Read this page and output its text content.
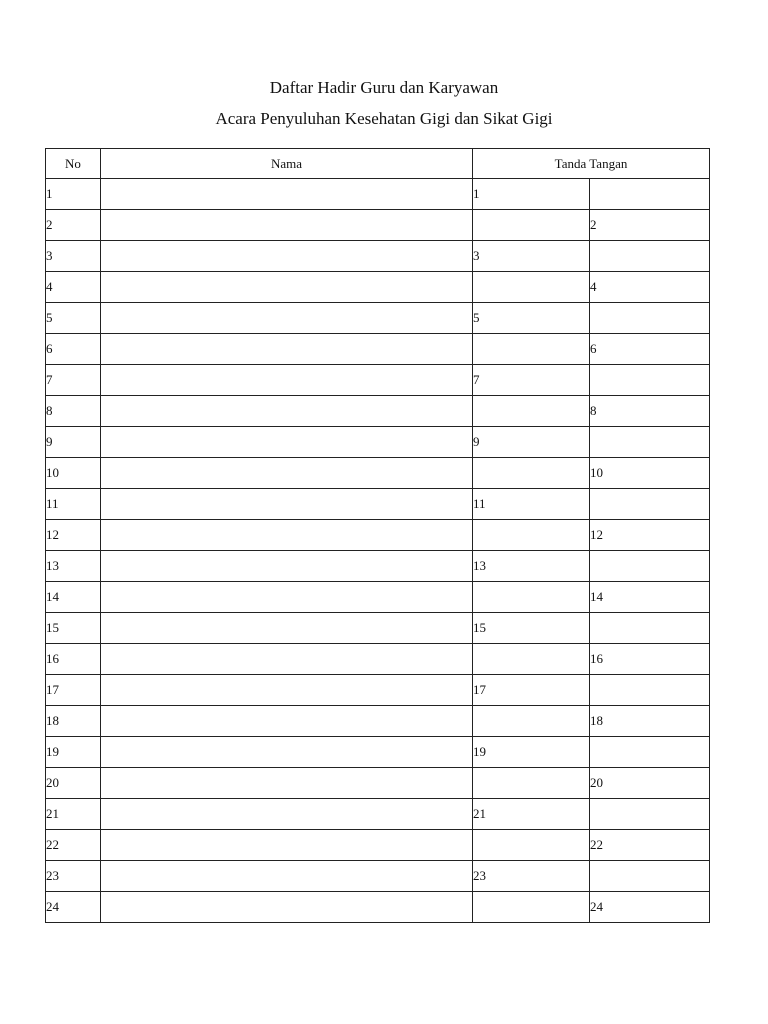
Daftar Hadir Guru dan Karyawan
Acara Penyuluhan Kesehatan Gigi dan Sikat Gigi
No	Nama	Tanda Tangan	
1		1	
2			2
3		3	
4			4
5		5	
6			6
7		7	
8			8
9		9	
10			10
11		11	
12			12
13		13	
14			14
15		15	
16			16
17		17	
18			18
19		19	
20			20
21		21	
22			22
23		23	
24			24
